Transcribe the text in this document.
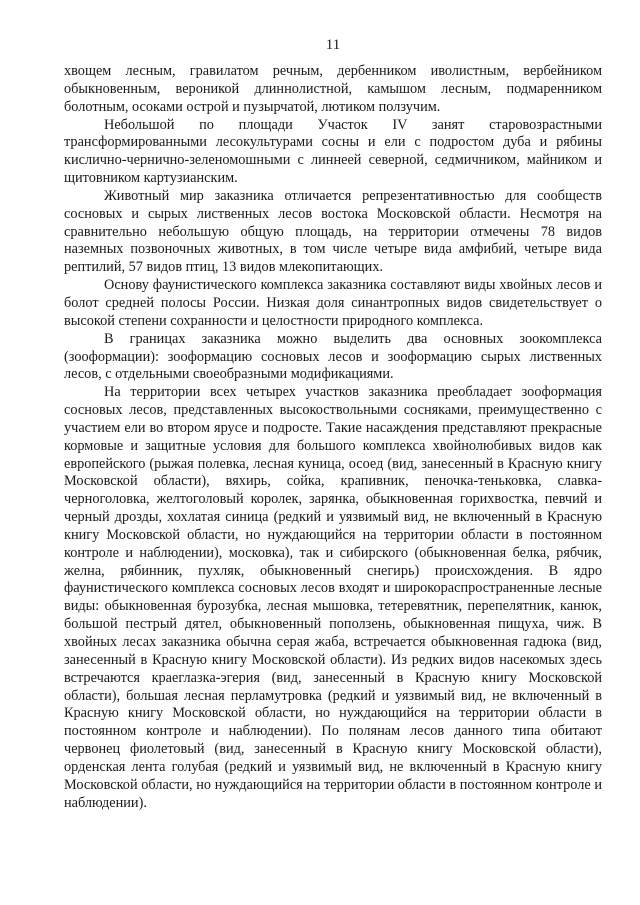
11

хвощем лесным, гравилатом речным, дербенником иволистным, вербейником обыкновенным, вероникой длиннолистной, камышом лесным, подмаренником болотным, осоками острой и пузырчатой, лютиком ползучим.

Небольшой по площади Участок IV занят старовозрастными трансформированными лесокультурами сосны и ели с подростом дуба и рябины кислично-чернично-зеленомошными с линнеей северной, седмичником, майником и щитовником картузианским.

Животный мир заказника отличается репрезентативностью для сообществ сосновых и сырых лиственных лесов востока Московской области. Несмотря на сравнительно небольшую общую площадь, на территории отмечены 78 видов наземных позвоночных животных, в том числе четыре вида амфибий, четыре вида рептилий, 57 видов птиц, 13 видов млекопитающих.

Основу фаунистического комплекса заказника составляют виды хвойных лесов и болот средней полосы России. Низкая доля синантропных видов свидетельствует о высокой степени сохранности и целостности природного комплекса.

В границах заказника можно выделить два основных зоокомплекса (зооформации): зооформацию сосновых лесов и зооформацию сырых лиственных лесов, с отдельными своеобразными модификациями.

На территории всех четырех участков заказника преобладает зооформация сосновых лесов, представленных высокоствольными сосняками, преимущественно с участием ели во втором ярусе и подросте. Такие насаждения представляют прекрасные кормовые и защитные условия для большого комплекса хвойнолюбивых видов как европейского (рыжая полевка, лесная куница, осоед (вид, занесенный в Красную книгу Московской области), вяхирь, сойка, крапивник, пеночка-теньковка, славка-черноголовка, желтоголовый королек, зарянка, обыкновенная горихвостка, певчий и черный дрозды, хохлатая синица (редкий и уязвимый вид, не включенный в Красную книгу Московской области, но нуждающийся на территории области в постоянном контроле и наблюдении), московка), так и сибирского (обыкновенная белка, рябчик, желна, рябинник, пухляк, обыкновенный снегирь) происхождения. В ядро фаунистического комплекса сосновых лесов входят и широкораспространенные лесные виды: обыкновенная бурозубка, лесная мышовка, тетеревятник, перепелятник, канюк, большой пестрый дятел, обыкновенный поползень, обыкновенная пищуха, чиж. В хвойных лесах заказника обычна серая жаба, встречается обыкновенная гадюка (вид, занесенный в Красную книгу Московской области). Из редких видов насекомых здесь встречаются краеглазка-эгерия (вид, занесенный в Красную книгу Московской области), большая лесная перламутровка (редкий и уязвимый вид, не включенный в Красную книгу Московской области, но нуждающийся на территории области в постоянном контроле и наблюдении). По полянам лесов данного типа обитают червонец фиолетовый (вид, занесенный в Красную книгу Московской области), орденская лента голубая (редкий и уязвимый вид, не включенный в Красную книгу Московской области, но нуждающийся на территории области в постоянном контроле и наблюдении).
